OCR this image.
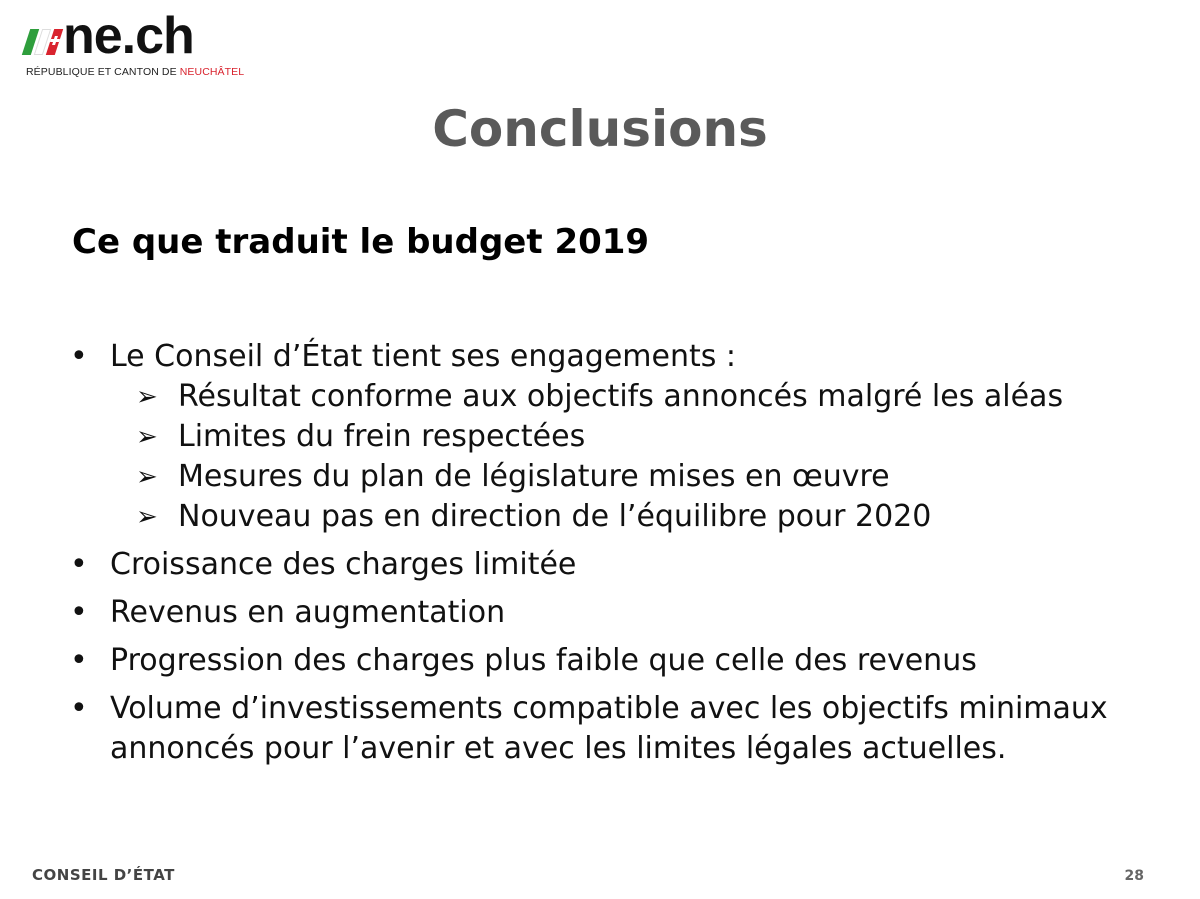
ne.ch
RÉPUBLIQUE ET CANTON DE NEUCHÂTEL
Conclusions
Ce que traduit le budget 2019
• Le Conseil d’État tient ses engagements :
➢ Résultat conforme aux objectifs annoncés malgré les aléas
➢ Limites du frein respectées
➢ Mesures du plan de législature mises en œuvre
➢ Nouveau pas en direction de l’équilibre pour 2020
• Croissance des charges limitée
• Revenus en augmentation
• Progression des charges plus faible que celle des revenus
• Volume d’investissements compatible avec les objectifs minimaux annoncés pour l’avenir et avec les limites légales actuelles.
CONSEIL D’ÉTAT	28
